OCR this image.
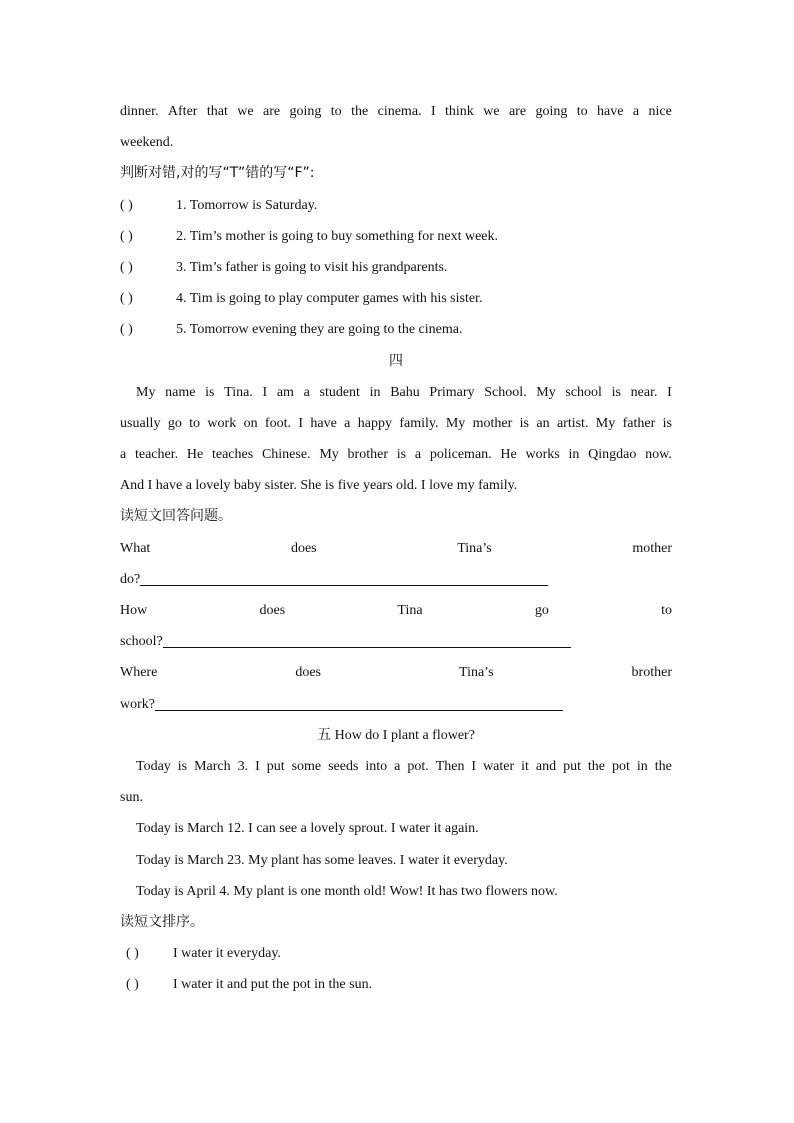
dinner. After that we are going to the cinema. I think we are going to have a nice
weekend.
判断对错,对的写“T”错的写“F”:
( )	1. Tomorrow is Saturday.
( )	2. Tim’s mother is going to buy something for next week.
( )	3. Tim’s father is going to visit his grandparents.
( )	4. Tim is going to play computer games with his sister.
( )	5. Tomorrow evening they are going to the cinema.
四
My name is Tina. I am a student in Bahu Primary School. My school is near. I
usually go to work on foot. I have a happy family. My mother is an artist. My father is
a teacher. He teaches Chinese. My brother is a policeman. He works in Qingdao now.
And I have a lovely baby sister. She is five years old. I love my family.
读短文回答问题。
What	does	Tina’s	mother
do?
How	does	Tina	go	to
school?
Where	does	Tina’s	brother
work?
五 How do I plant a flower?
Today is March 3. I put some seeds into a pot. Then I water it and put the pot in the
sun.
Today is March 12. I can see a lovely sprout. I water it again.
Today is March 23. My plant has some leaves. I water it everyday.
Today is April 4. My plant is one month old! Wow! It has two flowers now.
读短文排序。
( ) I water it everyday.
( ) I water it and put the pot in the sun.
